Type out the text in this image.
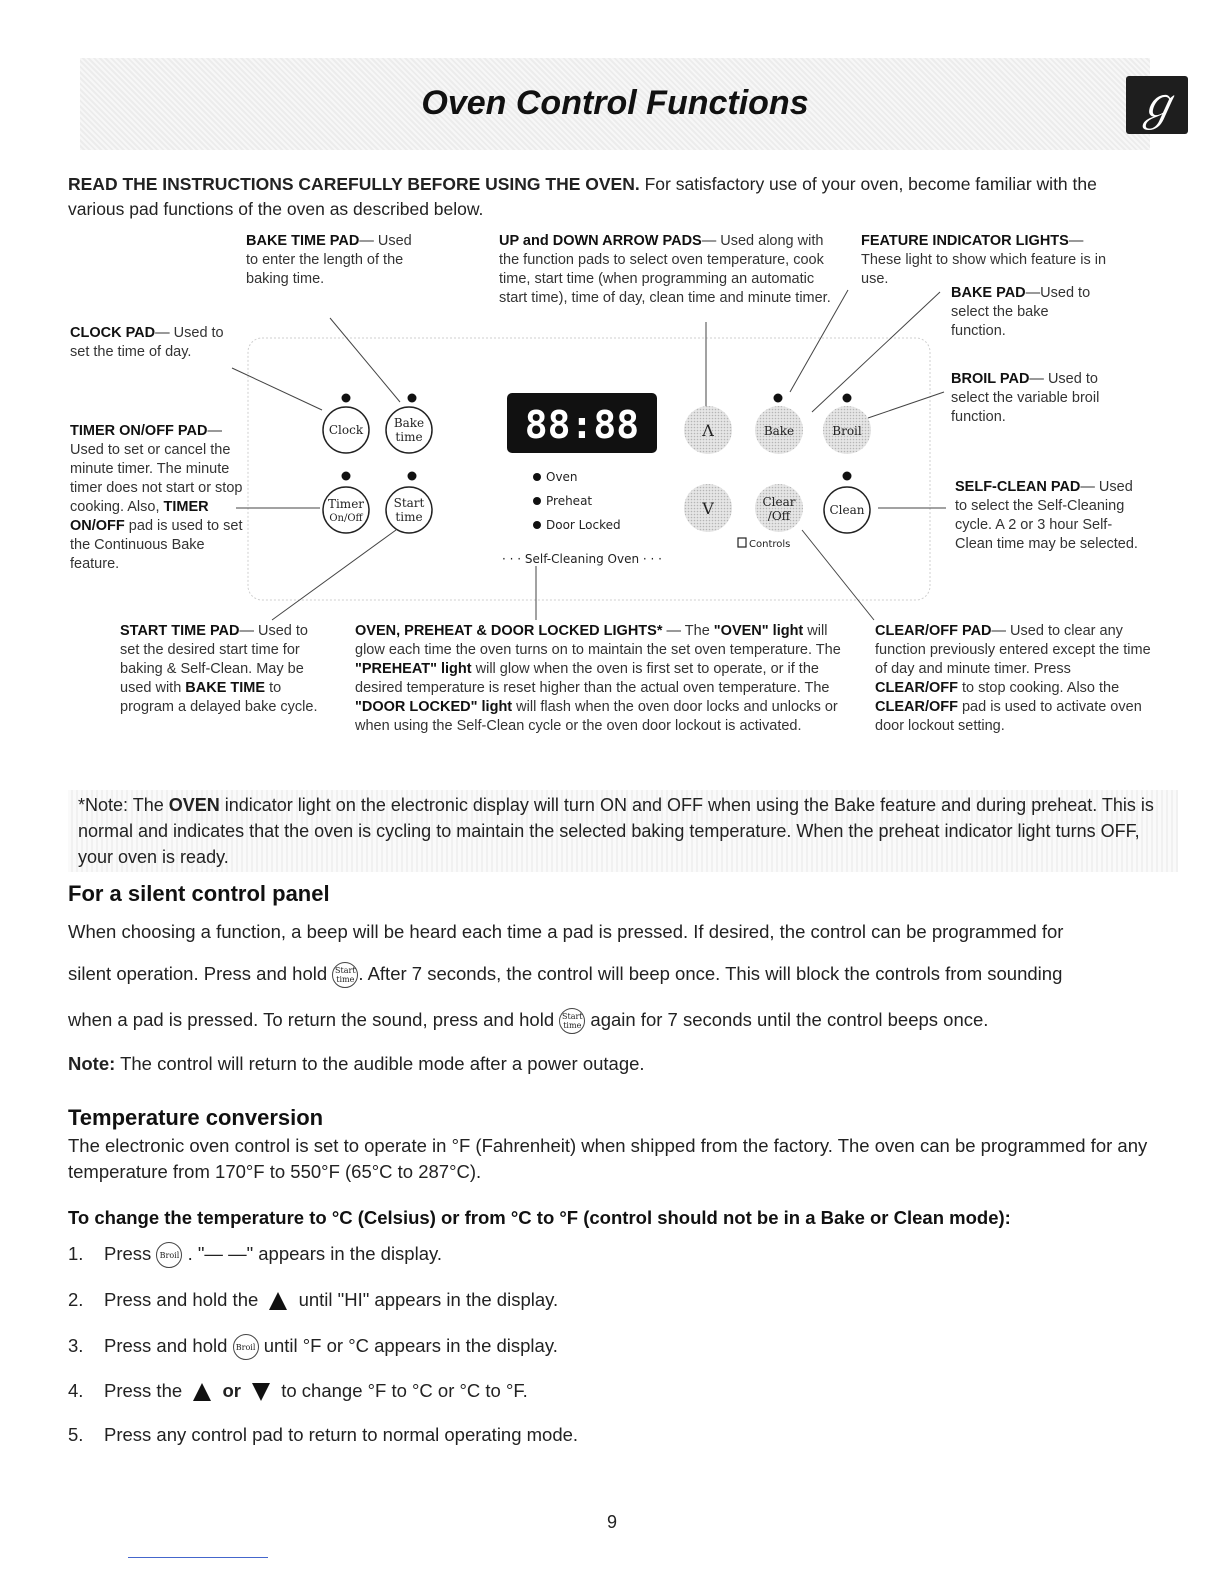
Oven Control Functions	ℊ
READ THE INSTRUCTIONS CAREFULLY BEFORE USING THE OVEN. For satisfactory use of your oven, become familiar with the various pad functions of the oven as described below.
BAKE TIME PAD— Used to enter the length of the baking time.
CLOCK PAD— Used to set the time of day.
UP and DOWN ARROW PADS— Used along with the function pads to select oven temperature, cook time, start time (when programming an automatic start time), time of day, clean time and minute timer.
FEATURE INDICATOR LIGHTS— These light to show which feature is in use.
BAKE PAD—Used to select the bake function.
BROIL PAD— Used to select the variable broil function.
TIMER ON/OFF PAD— Used to set or cancel the minute timer. The minute timer does not start or stop cooking. Also, TIMER ON/OFF pad is used to set the Continuous Bake feature.
SELF-CLEAN PAD— Used to select the Self-Cleaning cycle. A 2 or 3 hour Self-Clean time may be selected.
START TIME PAD— Used to set the desired start time for baking & Self-Clean. May be used with BAKE TIME to program a delayed bake cycle.
OVEN, PREHEAT & DOOR LOCKED LIGHTS* — The "OVEN" light will glow each time the oven turns on to maintain the set oven temperature. The "PREHEAT" light will glow when the oven is first set to operate, or if the desired temperature is reset higher than the actual oven temperature. The "DOOR LOCKED" light will flash when the oven door locks and unlocks or when using the Self-Clean cycle or the oven door lockout is activated.
CLEAR/OFF PAD— Used to clear any function previously entered except the time of day and minute timer. Press CLEAR/OFF to stop cooking. Also the CLEAR/OFF pad is used to activate oven door lockout setting.
Clock	Bake
time
Timer
On/Off
Start
time
Λ	Bake	Broil
V	Clear
/Off	Clean
88:88
Oven
Preheat
Door Locked
· · · Self-Cleaning Oven · · ·
Controls
*Note: The OVEN indicator light on the electronic display will turn ON and OFF when using the Bake feature and during preheat. This is normal and indicates that the oven is cycling to maintain the selected baking temperature. When the preheat indicator light turns OFF, your oven is ready.
For a silent control panel
When choosing a function, a beep will be heard each time a pad is pressed. If desired, the control can be programmed for
silent operation. Press and hold Start
time . After 7 seconds, the control will beep once. This will block the controls from sounding
when a pad is pressed. To return the sound, press and hold Start
time again for 7 seconds until the control beeps once.
Note: The control will return to the audible mode after a power outage.
Temperature conversion
The electronic oven control is set to operate in °F (Fahrenheit) when shipped from the factory. The oven can be programmed for any temperature from 170°F to 550°F (65°C to 287°C).
To change the temperature to °C (Celsius) or from °C to °F (control should not be in a Bake or Clean mode):
1. Press Broil . "— —" appears in the display.
2. Press and hold the until "HI" appears in the display.
3. Press and hold Broil until °F or °C appears in the display.
4. Press the or to change °F to °C or °C to °F.
5. Press any control pad to return to normal operating mode.
9
